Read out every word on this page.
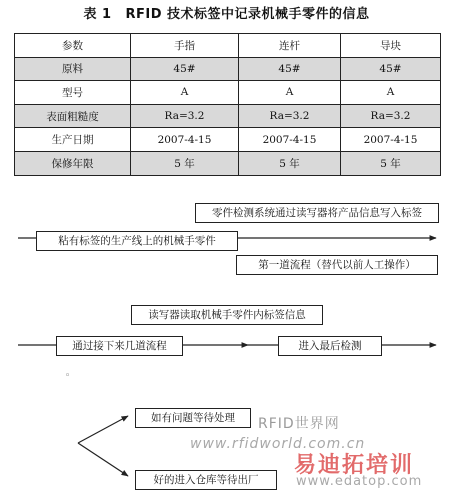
表 1 RFID 技术标签中记录机械手零件的信息
参数	手指	连杆	导块
原料	45#	45#	45#
型号	A	A	A
表面粗糙度	Ra=3.2	Ra=3.2	Ra=3.2
生产日期	2007-4-15	2007-4-15	2007-4-15
保修年限	5 年	5 年	5 年
零件检测系统通过读写器将产品信息写入标签
粘有标签的生产线上的机械手零件
第一道流程（替代以前人工操作）
读写器读取机械手零件内标签信息
通过接下来几道流程	进入最后检测
如有问题等待处理
好的进入仓库等待出厂
◦
RFID世界网
www.rfidworld.com.cn
易迪拓培训
www.edatop.com
